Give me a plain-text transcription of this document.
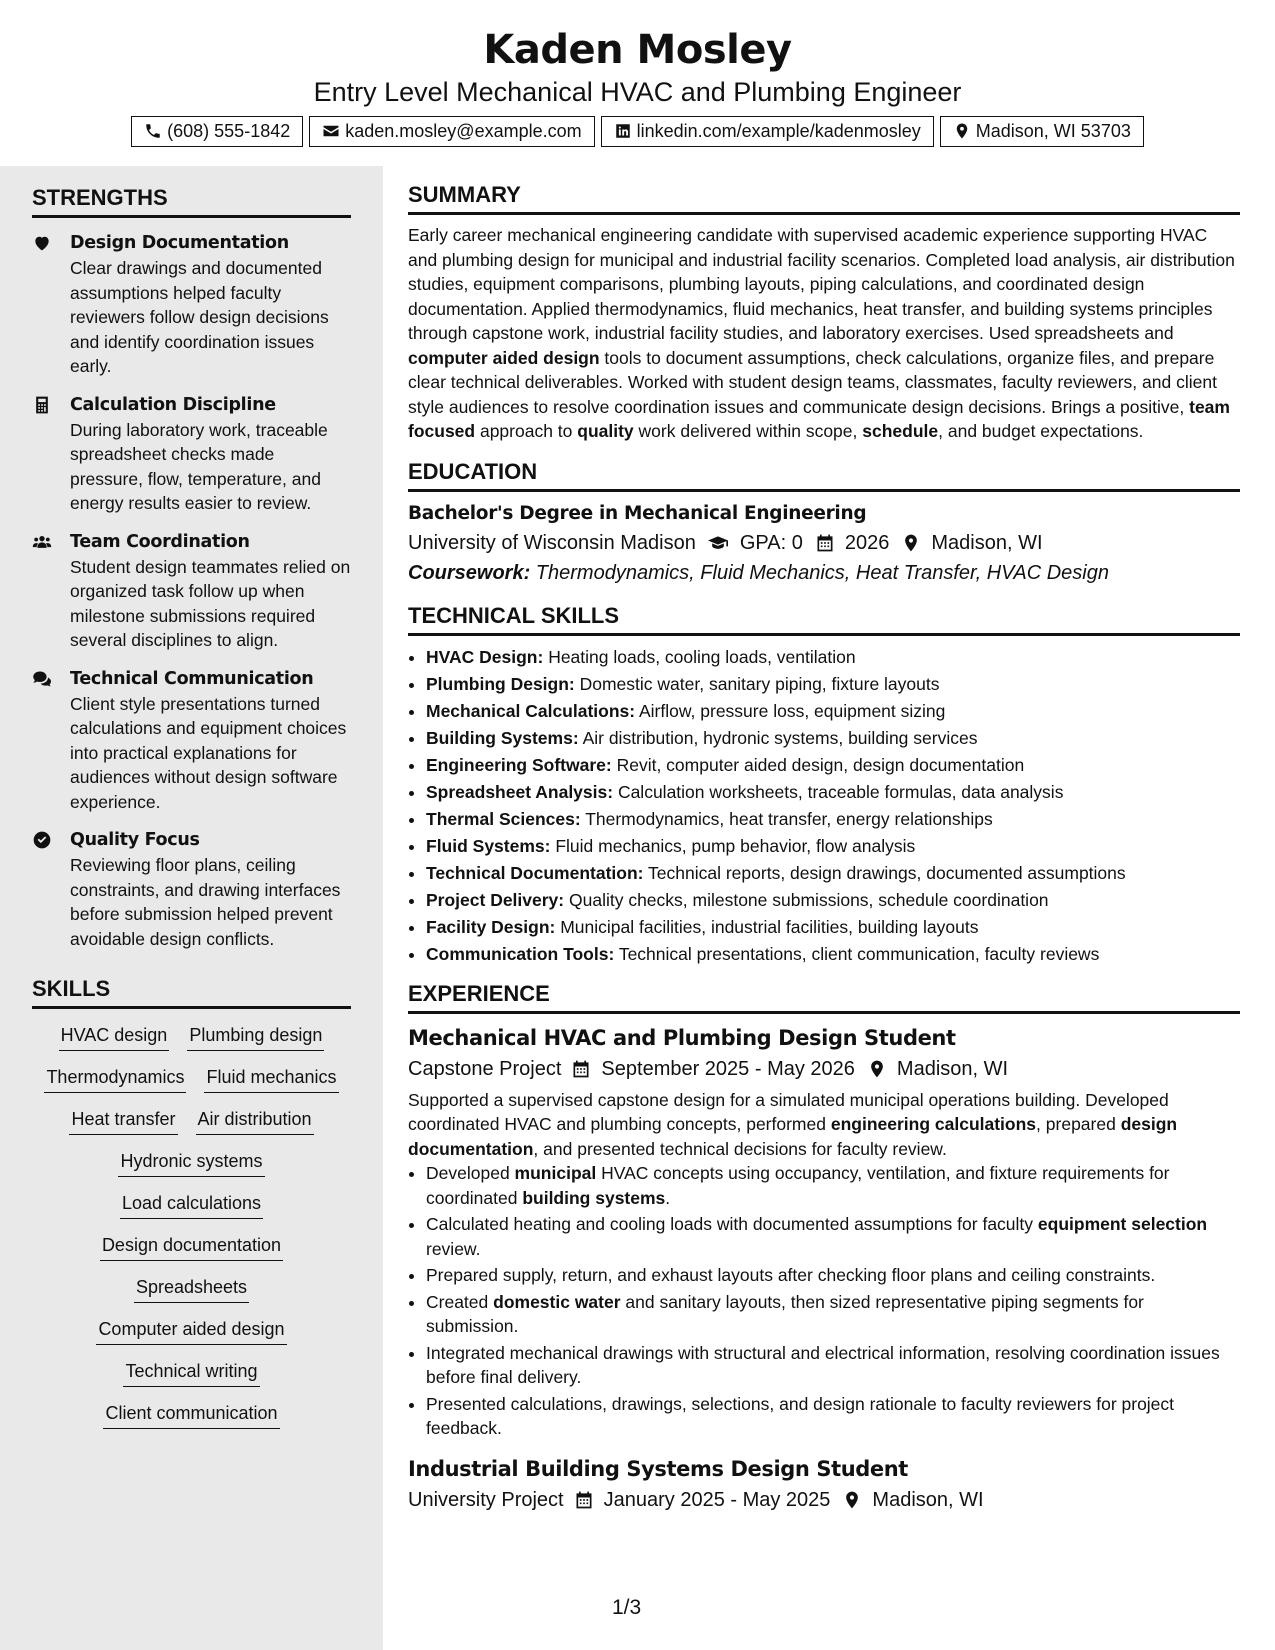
Kaden Mosley
Entry Level Mechanical HVAC and Plumbing Engineer
(608) 555-1842	kaden.mosley@example.com	linkedin.com/example/kadenmosley	Madison, WI 53703
STRENGTHS
Design Documentation
Clear drawings and documented assumptions helped faculty reviewers follow design decisions and identify coordination issues early.
Calculation Discipline
During laboratory work, traceable spreadsheet checks made pressure, flow, temperature, and energy results easier to review.
Team Coordination
Student design teammates relied on organized task follow up when milestone submissions required several disciplines to align.
Technical Communication
Client style presentations turned calculations and equipment choices into practical explanations for audiences without design software experience.
Quality Focus
Reviewing floor plans, ceiling constraints, and drawing interfaces before submission helped prevent avoidable design conflicts.
SKILLS
HVAC design Plumbing design
Thermodynamics Fluid mechanics
Heat transfer Air distribution
Hydronic systems
Load calculations
Design documentation
Spreadsheets
Computer aided design
Technical writing
Client communication
SUMMARY
Early career mechanical engineering candidate with supervised academic experience supporting HVAC and plumbing design for municipal and industrial facility scenarios. Completed load analysis, air distribution studies, equipment comparisons, plumbing layouts, piping calculations, and coordinated design documentation. Applied thermodynamics, fluid mechanics, heat transfer, and building systems principles through capstone work, industrial facility studies, and laboratory exercises. Used spreadsheets and computer aided design tools to document assumptions, check calculations, organize files, and prepare clear technical deliverables. Worked with student design teams, classmates, faculty reviewers, and client style audiences to resolve coordination issues and communicate design decisions. Brings a positive, team focused approach to quality work delivered within scope, schedule, and budget expectations.
EDUCATION
Bachelor's Degree in Mechanical Engineering
University of Wisconsin Madison GPA: 0 2026 Madison, WI
Coursework: Thermodynamics, Fluid Mechanics, Heat Transfer, HVAC Design
TECHNICAL SKILLS
• HVAC Design: Heating loads, cooling loads, ventilation
• Plumbing Design: Domestic water, sanitary piping, fixture layouts
• Mechanical Calculations: Airflow, pressure loss, equipment sizing
• Building Systems: Air distribution, hydronic systems, building services
• Engineering Software: Revit, computer aided design, design documentation
• Spreadsheet Analysis: Calculation worksheets, traceable formulas, data analysis
• Thermal Sciences: Thermodynamics, heat transfer, energy relationships
• Fluid Systems: Fluid mechanics, pump behavior, flow analysis
• Technical Documentation: Technical reports, design drawings, documented assumptions
• Project Delivery: Quality checks, milestone submissions, schedule coordination
• Facility Design: Municipal facilities, industrial facilities, building layouts
• Communication Tools: Technical presentations, client communication, faculty reviews
EXPERIENCE
Mechanical HVAC and Plumbing Design Student
Capstone Project September 2025 - May 2026 Madison, WI
Supported a supervised capstone design for a simulated municipal operations building. Developed coordinated HVAC and plumbing concepts, performed engineering calculations, prepared design documentation, and presented technical decisions for faculty review.
• Developed municipal HVAC concepts using occupancy, ventilation, and fixture requirements for coordinated building systems.
• Calculated heating and cooling loads with documented assumptions for faculty equipment selection review.
• Prepared supply, return, and exhaust layouts after checking floor plans and ceiling constraints.
• Created domestic water and sanitary layouts, then sized representative piping segments for submission.
• Integrated mechanical drawings with structural and electrical information, resolving coordination issues before final delivery.
• Presented calculations, drawings, selections, and design rationale to faculty reviewers for project feedback.
Industrial Building Systems Design Student
University Project January 2025 - May 2025 Madison, WI
1/3
